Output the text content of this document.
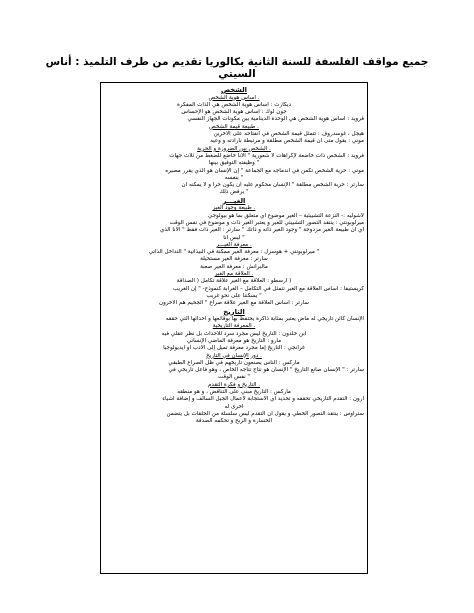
جميع مواقف الفلسفة للسنة الثانية بكالوريا تقديم من طرف التلميذ : أناس السيتي
الشخص
. أساس هوية الشخص
ديكارت : أساس هوية الشخص هي الذات المفكرة
جون لوك : أساس هوية الشخص هو الإحساس
فرويد : أساس هوية الشخص هي الوحدة الدينامية بين مكونات الجهاز النفسي
. طبيعة قيمة الشخص
هيجل ، غوسدروف : تتمثل قيمة الشخص في انفتاحه على الآخرين
موني : يقول متى أن قيمة الشخص مطلقة و مرتبطة بارادته و وعيه
. الشخص بين الضرورة و الحرية
فرويد : الشخص ذات خاضعة لإكراهات لا شعورية " الأنا خاضع للضغط من ثلاث جهات
" وظيفته التوفيق بينها
موني : حرية الشخص تكمن في اندماجه مع الجماعة " إن الإنسان هو الذي يقرر مصيره
" بنفسه
سارتر : حرية الشخص مطلقة " الإنسان محكوم عليه أن يكون حرا و لا يمكنه أن
" يرفض ذلك
الغيـــر
. طبيعة وجود الغير
لاشوليه :- النزعة التشييئية – الغير موضوع أي متعلق بما هو بيولوجي
ميرلوبونتي : ينتقد التصور التشييئي للغير و يعتبر الغير ذات و موضوع في نفس الوقت
أي أن طبيعة الغير مزدوجة " وجود الغير ذاته و ذاتك " سارتر : الغير ذات فقط " الأنا الذي
" ليس أنا
. معرفة الغيـــر
" ميرلوبونتي + هوسرل : معرفة الغير ممكنة في البيذاتية " التداخل الذاتي
سارتر : معرفة الغير مستحيلة
مالبرانش : معرفة الغير صعبة
. العلاقة مع الغير
( أرسطو : العلاقة مع الغير علاقة تكامل ( الصداقة
كريستيفا : أساس العلاقة مع الغير تتمثل في التكامل – الغرابة كنموذج- " إن الغريب
" يسكننا على نحو غريب
سارتر : أساس العلاقة مع الغير علاقة صراع " الجحيم هم الآخرون
التاريخ
الإنسان كائن تاريخي له ماض يعتبر بمثابة ذاكرة يحتفظ بها بوقائعها و أحداثها التي حققه
. المعرفة التاريخية
ابن خلدون : التاريخ ليس مجرد سرد للأحداث بل نظر عقلي فيه
مارو : التاريخ هو معرفة الماضي الإنساني
غرانجي : التاريخ إما مجرد معرفة تميل إلى الأدب أو أيديولوجيا
. دور الإنسان في التاريخ
ماركس : الناس يصنعون تاريخهم في ظل الصراع الطبقي
سارتر : " الإنسان صانع التاريخ " الإنسان هو نتاج نتاجه الخاص ، وهو فاعل تاريخي في
" نفس الوقت
. التاريخ و فكرة التقدم
ماركس : التاريخ مبني على التناقض ، و هو منطقه
آرون : التقدم التاريخي تحققه و تحديد آي الاستجابة لأعمال الجيل السالف و إضافة أشياء
أخرى له
ستراوس : ينتقد التصور الخطي و يقول أن التقدم ليس سلسلة من الحلقات بل يتضمن
الخسارة و الربح و تحكمه الصدفة
